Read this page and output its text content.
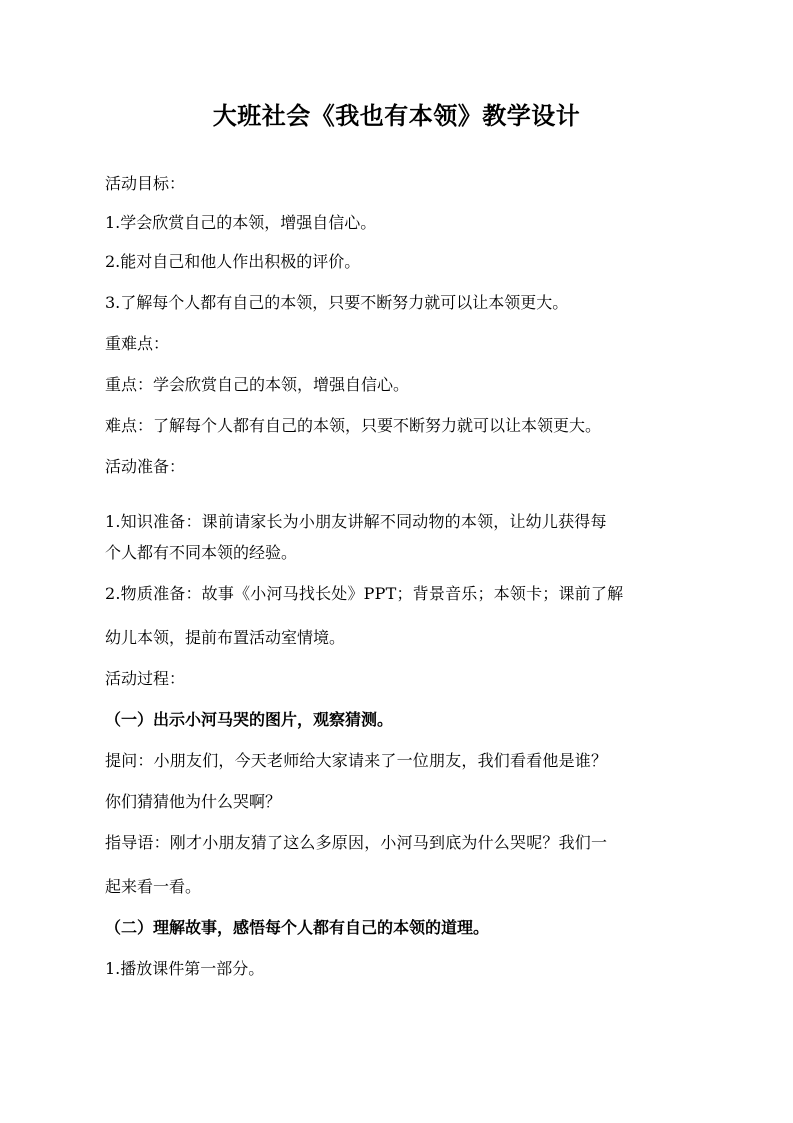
大班社会《我也有本领》教学设计
活动目标：
1.学会欣赏自己的本领，增强自信心。
2.能对自己和他人作出积极的评价。
3.了解每个人都有自己的本领，只要不断努力就可以让本领更大。
重难点：
重点：学会欣赏自己的本领，增强自信心。
难点：了解每个人都有自己的本领，只要不断努力就可以让本领更大。
活动准备：
1.知识准备：课前请家长为小朋友讲解不同动物的本领，让幼儿获得每
个人都有不同本领的经验。
2.物质准备：故事《小河马找长处》PPT；背景音乐；本领卡；课前了解
幼儿本领，提前布置活动室情境。
活动过程：
（一）出示小河马哭的图片，观察猜测。
提问：小朋友们，今天老师给大家请来了一位朋友，我们看看他是谁？
你们猜猜他为什么哭啊？
指导语：刚才小朋友猜了这么多原因，小河马到底为什么哭呢？我们一
起来看一看。
（二）理解故事，感悟每个人都有自己的本领的道理。
1.播放课件第一部分。
